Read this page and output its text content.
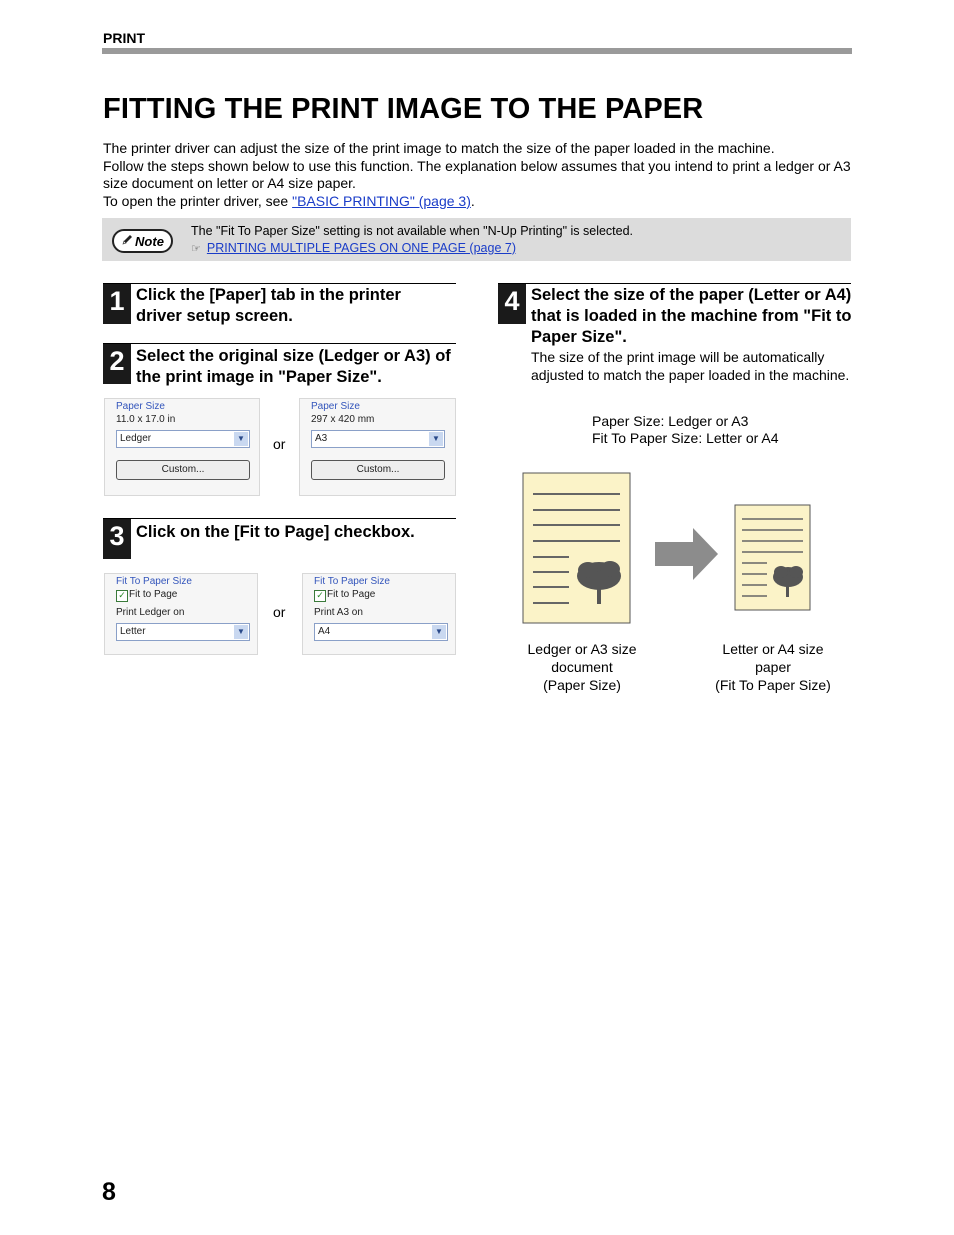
PRINT
FITTING THE PRINT IMAGE TO THE PAPER
The printer driver can adjust the size of the print image to match the size of the paper loaded in the machine.
Follow the steps shown below to use this function. The explanation below assumes that you intend to print a ledger or A3 size document on letter or A4 size paper.
To open the printer driver, see "BASIC PRINTING" (page 3).
Note
The "Fit To Paper Size" setting is not available when "N-Up Printing" is selected.
☞ PRINTING MULTIPLE PAGES ON ONE PAGE (page 7)
1 Click the [Paper] tab in the printer driver setup screen.
2 Select the original size (Ledger or A3) of the print image in "Paper Size".
Paper Size
11.0 x 17.0 in
Ledger	▼
Custom...
or
Paper Size
297 x 420 mm
A3	▼
Custom...
3 Click on the [Fit to Page] checkbox.
Fit To Paper Size
✓ Fit to Page
Print Ledger on
Letter	▼
or
Fit To Paper Size
✓ Fit to Page
Print A3 on
A4	▼
4 Select the size of the paper (Letter or A4) that is loaded in the machine from "Fit to Paper Size".
The size of the print image will be automatically adjusted to match the paper loaded in the machine.
Paper Size: Ledger or A3
Fit To Paper Size: Letter or A4
Ledger or A3 size
document
(Paper Size)
Letter or A4 size
paper
(Fit To Paper Size)
8
